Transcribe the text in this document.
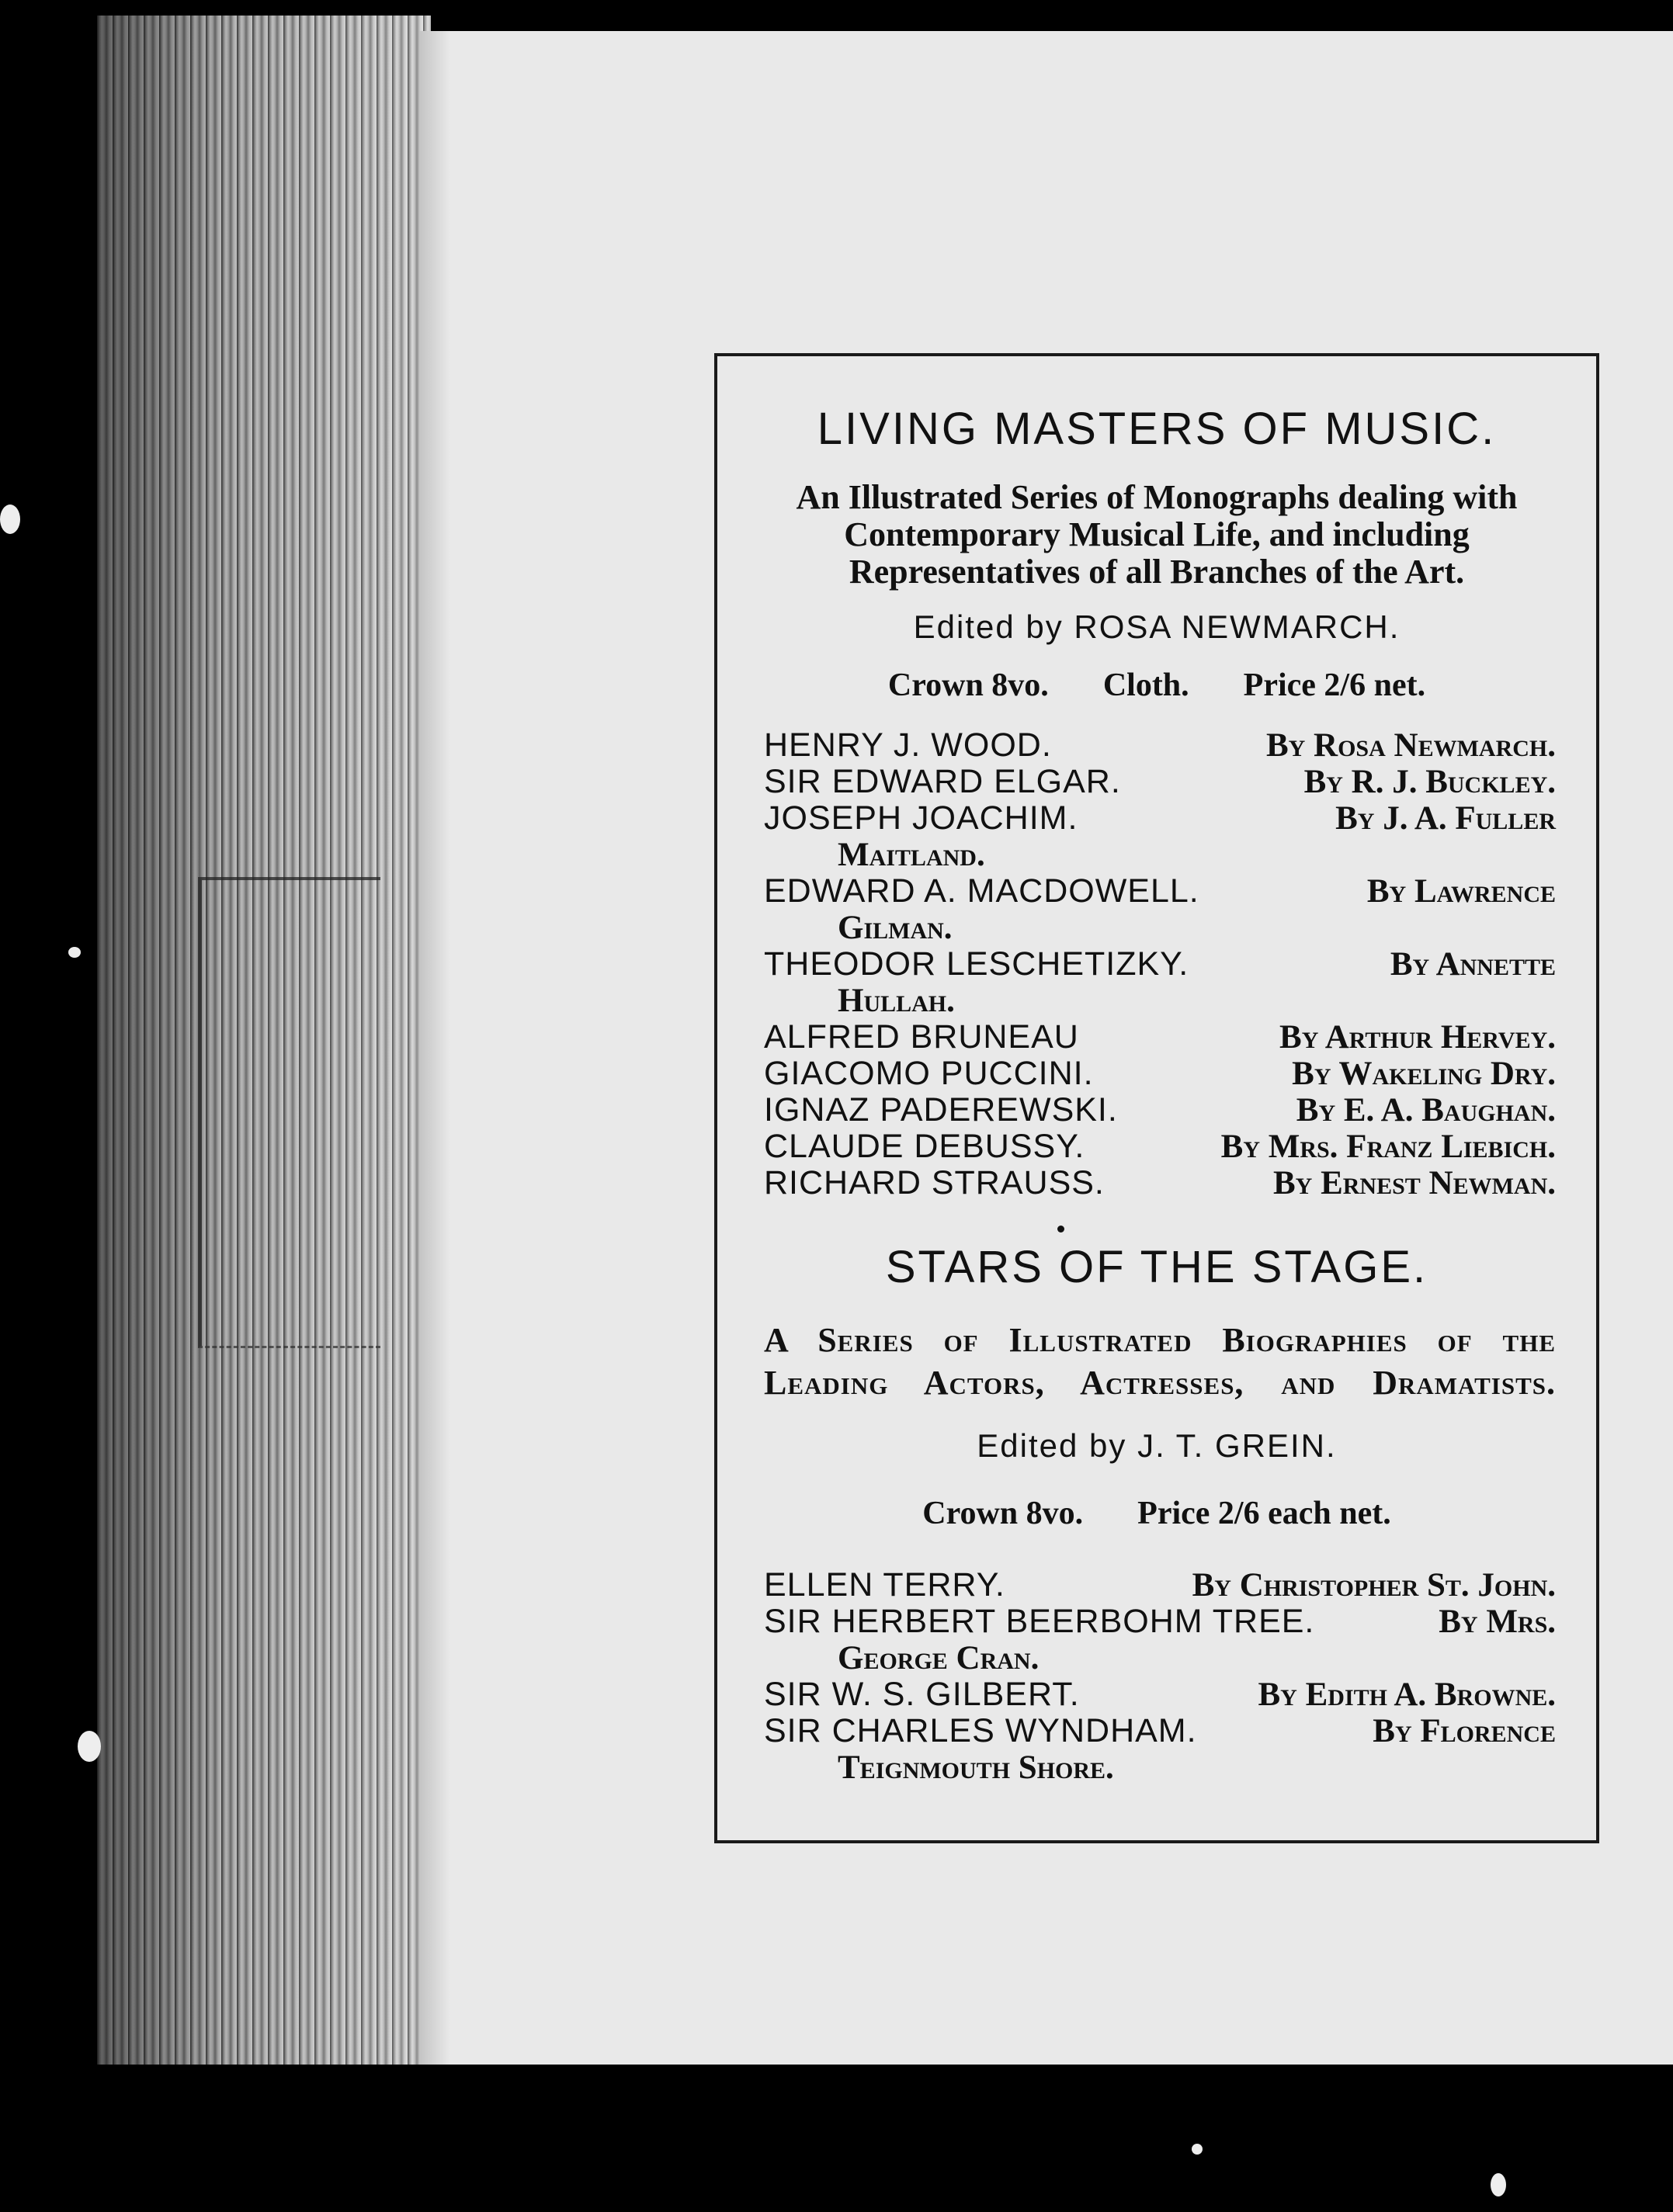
LIVING MASTERS OF MUSIC.
An Illustrated Series of Monographs dealing with
Contemporary Musical Life, and including
Representatives of all Branches of the Art.
Edited by ROSA NEWMARCH.
Crown 8vo. Cloth. Price 2/6 net.
HENRY J. WOOD.	By Rosa Newmarch.
SIR EDWARD ELGAR.	By R. J. Buckley.
JOSEPH JOACHIM.	By J. A. Fuller
Maitland.
EDWARD A. MACDOWELL.	By Lawrence
Gilman.
THEODOR LESCHETIZKY.	By Annette
Hullah.
ALFRED BRUNEAU	By Arthur Hervey.
GIACOMO PUCCINI.	By Wakeling Dry.
IGNAZ PADEREWSKI.	By E. A. Baughan.
CLAUDE DEBUSSY.	By Mrs. Franz Liebich.
RICHARD STRAUSS.	By Ernest Newman.
STARS OF THE STAGE.
A Series of Illustrated Biographies of the
Leading Actors, Actresses, and Dramatists.
Edited by J. T. GREIN.
Crown 8vo. Price 2/6 each net.
ELLEN TERRY.	By Christopher St. John.
SIR HERBERT BEERBOHM TREE.	By Mrs.
George Cran.
SIR W. S. GILBERT.	By Edith A. Browne.
SIR CHARLES WYNDHAM.	By Florence
Teignmouth Shore.
